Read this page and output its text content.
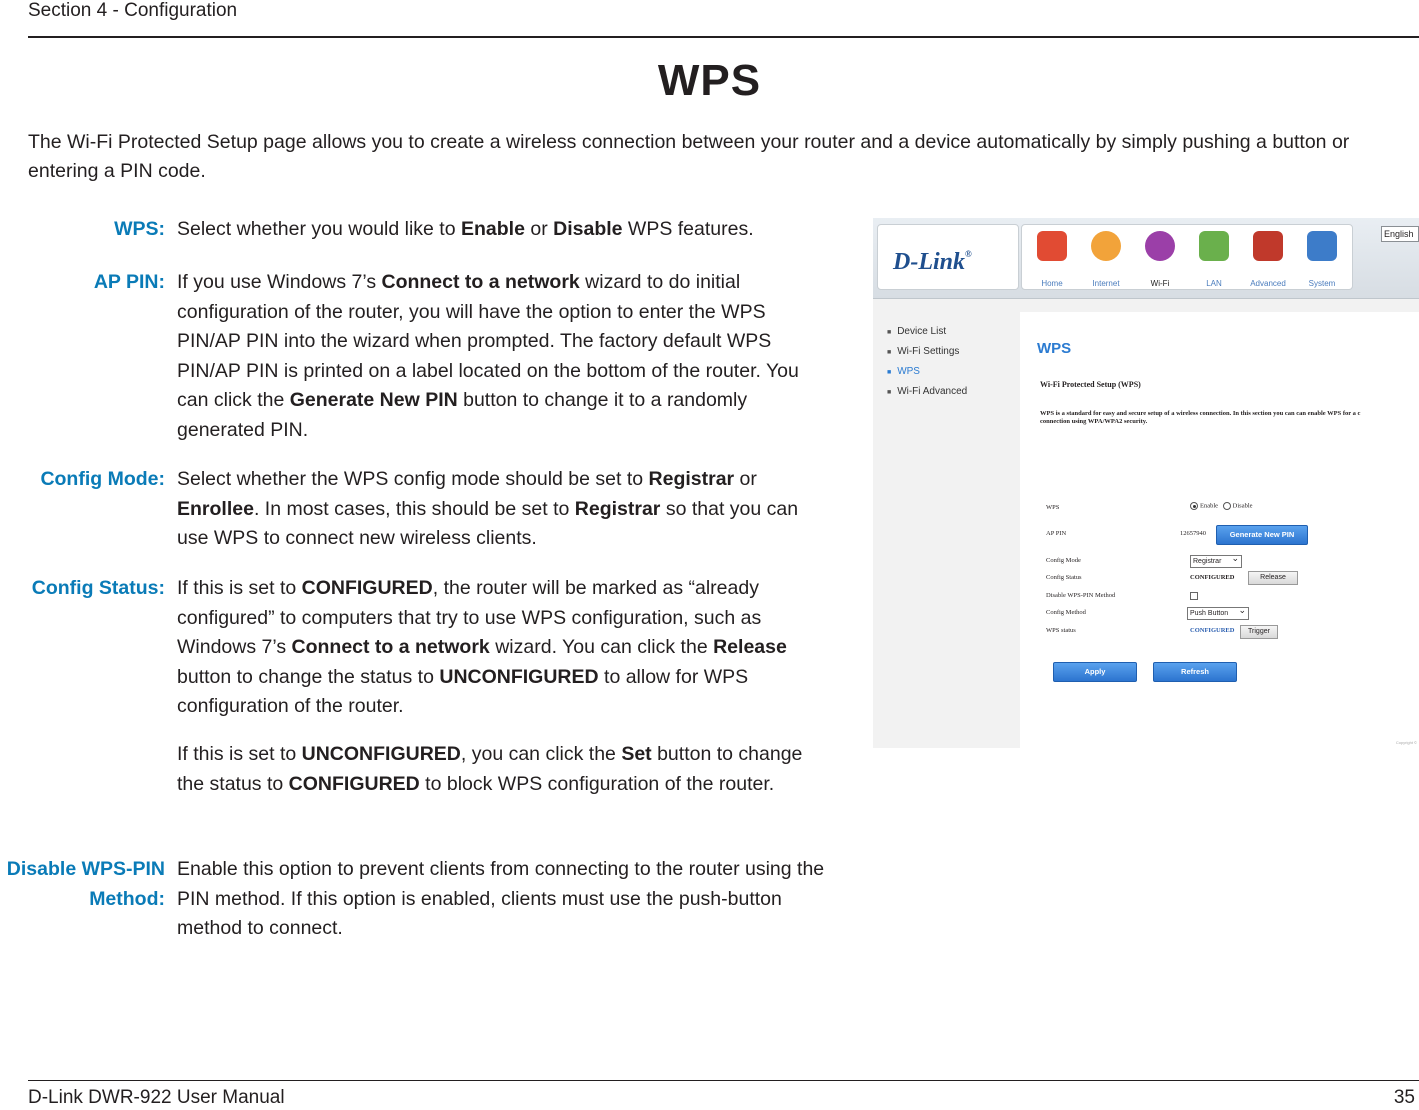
Section 4 - Conﬁguration
WPS
The Wi-Fi Protected Setup page allows you to create a wireless connection between your router and a device automatically by simply pushing a button or entering a PIN code.
WPS: Select whether you would like to Enable or Disable WPS features.
AP PIN: If you use Windows 7’s Connect to a network wizard to do initial conﬁguration of the router, you will have the option to enter the WPS PIN/AP PIN into the wizard when prompted. The factory default WPS PIN/AP PIN is printed on a label located on the bottom of the router. You can click the Generate New PIN button to change it to a randomly generated PIN.
Conﬁg Mode: Select whether the WPS conﬁg mode should be set to Registrar or Enrollee. In most cases, this should be set to Registrar so that you can use WPS to connect new wireless clients.
Conﬁg Status: If this is set to CONFIGURED, the router will be marked as “already conﬁgured” to computers that try to use WPS conﬁguration, such as Windows 7’s Connect to a network wizard. You can click the Release button to change the status to UNCONFIGURED to allow for WPS conﬁguration of the router.
If this is set to UNCONFIGURED, you can click the Set button to change the status to CONFIGURED to block WPS conﬁguration of the router.
Disable WPS-PIN
Method:
Enable this option to prevent clients from connecting to the router using the PIN method. If this option is enabled, clients must use the push-button method to connect.
D-Link®
Home	Internet	Wi-Fi	LAN	Advanced	System
English
■ Device List
■ Wi-Fi Settings
■ WPS
■ Wi-Fi Advanced
WPS
Wi-Fi Protected Setup (WPS)
WPS is a standard for easy and secure setup of a wireless connection. In this section you can can enable WPS for a c
connection using WPA/WPA2 security.
WPS	Enable Disable
AP PIN	12657940	Generate New PIN
Config Mode	Registrar ⌄
Config Status	CONFIGURED	Release
Disable WPS-PIN Method
Config Method	Push Button ⌄
WPS status	CONFIGURED	Trigger
Apply	Refresh
Copyright ©
D-Link DWR-922 User Manual	35
